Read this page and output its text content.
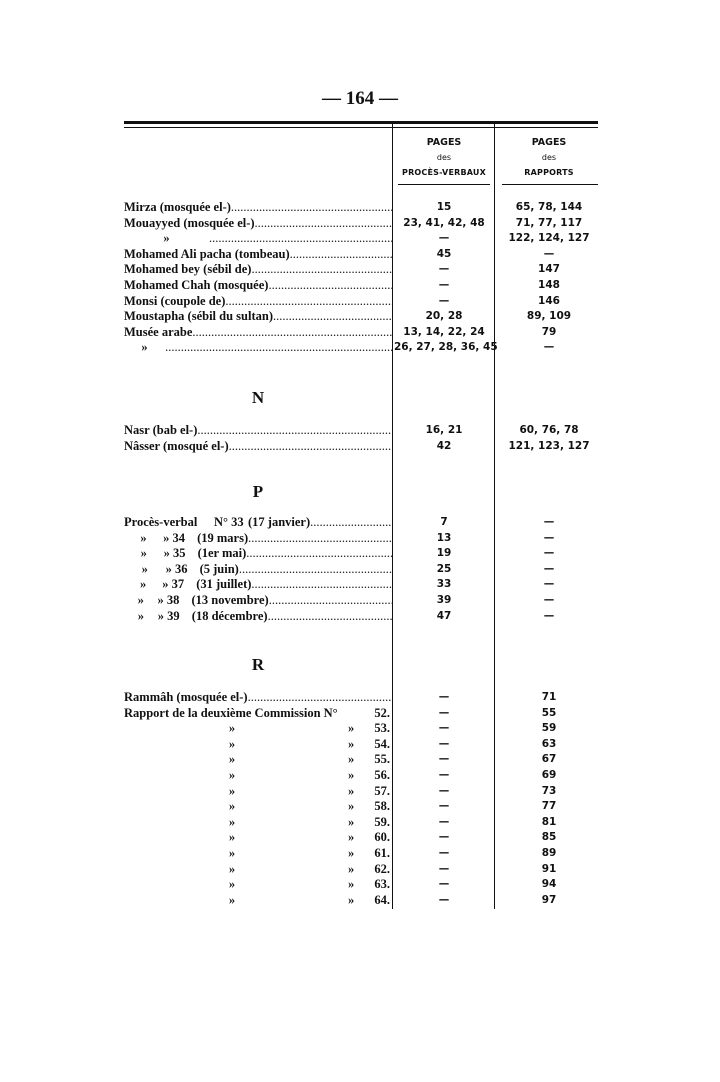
— 164 —
PAGES
des
PROCÈS-VERBAUX
PAGES
des
RAPPORTS
Mirza (mosquée el-) .....	15	65, 78, 144
Mouayyed (mosquée el-) .....	23, 41, 42, 48	71, 77, 117
» .....	—	122, 124, 127
Mohamed Ali pacha (tombeau) .....	45	—
Mohamed bey (sébil de) .....	—	147
Mohamed Chah (mosquée) .....	—	148
Monsi (coupole de) .....	—	146
Moustapha (sébil du sultan) .....	20, 28	89, 109
Musée arabe .....	13, 14, 22, 24	79
» .....	26, 27, 28, 36, 45	—
N
Nasr (bab el-) .....	16, 21	60, 76, 78
Nâsser (mosqué el-) .....	42	121, 123, 127
P
Procès-verbal	N° 33 (17 janvier) .....	7	—
»	» 34 (19 mars) .....	13	—
»	» 35 (1er mai) .....	19	—
»	» 36 (5 juin) .....	25	—
»	» 37 (31 juillet) .....	33	—
»	» 38 (13 novembre) .....	39	—
»	» 39 (18 décembre) .....	47	—
R
Rammâh (mosquée el-) .....	—	71
Rapport de la deuxième Commission N°	52.	—	55
»	»	53.	—	59
»	»	54.	—	63
»	»	55.	—	67
»	»	56.	—	69
»	»	57.	—	73
»	»	58.	—	77
»	»	59.	—	81
»	»	60.	—	85
»	»	61.	—	89
»	»	62.	—	91
»	»	63.	—	94
»	»	64.	—	97
